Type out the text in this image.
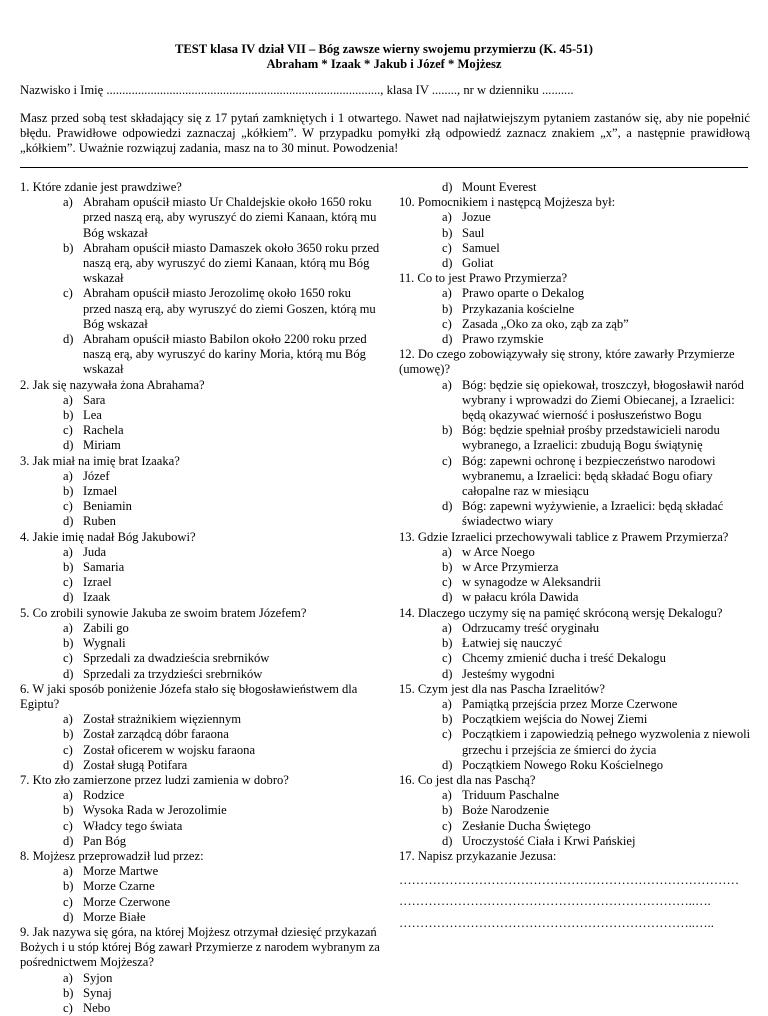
TEST klasa IV dział VII – Bóg zawsze wierny swojemu przymierzu (K. 45-51)
Abraham * Izaak * Jakub i Józef * Mojżesz
Nazwisko i Imię ......................................................................................., klasa IV ........, nr w dzienniku ..........
Masz przed sobą test składający się z 17 pytań zamkniętych i 1 otwartego. Nawet nad najłatwiejszym pytaniem zastanów się, aby nie popełnić błędu. Prawidłowe odpowiedzi zaznaczaj „kółkiem”. W przypadku pomyłki złą odpowiedź zaznacz znakiem „x”, a następnie prawidłową „kółkiem”. Uważnie rozwiązuj zadania, masz na to 30 minut. Powodzenia!
1. Które zdanie jest prawdziwe?
a) Abraham opuścił miasto Ur Chaldejskie około 1650 roku przed naszą erą, aby wyruszyć do ziemi Kanaan, którą mu Bóg wskazał
b) Abraham opuścił miasto Damaszek około 3650 roku przed naszą erą, aby wyruszyć do ziemi Kanaan, którą mu Bóg wskazał
c) Abraham opuścił miasto Jerozolimę około 1650 roku przed naszą erą, aby wyruszyć do ziemi Goszen, którą mu Bóg wskazał
d) Abraham opuścił miasto Babilon około 2200 roku przed naszą erą, aby wyruszyć do kariny Moria, którą mu Bóg wskazał
2. Jak się nazywała żona Abrahama?
a) Sara
b) Lea
c) Rachela
d) Miriam
3. Jak miał na imię brat Izaaka?
a) Józef
b) Izmael
c) Beniamin
d) Ruben
4. Jakie imię nadał Bóg Jakubowi?
a) Juda
b) Samaria
c) Izrael
d) Izaak
5. Co zrobili synowie Jakuba ze swoim bratem Józefem?
a) Zabili go
b) Wygnali
c) Sprzedali za dwadzieścia srebrników
d) Sprzedali za trzydzieści srebrników
6. W jaki sposób poniżenie Józefa stało się błogosławieństwem dla Egiptu?
a) Został strażnikiem więziennym
b) Został zarządcą dóbr faraona
c) Został oficerem w wojsku faraona
d) Został sługą Potifara
7. Kto zło zamierzone przez ludzi zamienia w dobro?
a) Rodzice
b) Wysoka Rada w Jerozolimie
c) Władcy tego świata
d) Pan Bóg
8. Mojżesz przeprowadził lud przez:
a) Morze Martwe
b) Morze Czarne
c) Morze Czerwone
d) Morze Białe
9. Jak nazywa się góra, na której Mojżesz otrzymał dziesięć przykazań Bożych i u stóp której Bóg zawarł Przymierze z narodem wybranym za pośrednictwem Mojżesza?
a) Syjon
b) Synaj
c) Nebo
d) Mount Everest
10. Pomocnikiem i następcą Mojżesza był:
a) Jozue
b) Saul
c) Samuel
d) Goliat
11. Co to jest Prawo Przymierza?
a) Prawo oparte o Dekalog
b) Przykazania kościelne
c) Zasada „Oko za oko, ząb za ząb”
d) Prawo rzymskie
12. Do czego zobowiązywały się strony, które zawarły Przymierze (umowę)?
a) Bóg: będzie się opiekował, troszczył, błogosławił naród wybrany i wprowadzi do Ziemi Obiecanej, a Izraelici: będą okazywać wierność i posłuszeństwo Bogu
b) Bóg: będzie spełniał prośby przedstawicieli narodu wybranego, a Izraelici: zbudują Bogu świątynię
c) Bóg: zapewni ochronę i bezpieczeństwo narodowi wybranemu, a Izraelici: będą składać Bogu ofiary całopalne raz w miesiącu
d) Bóg: zapewni wyżywienie, a Izraelici: będą składać świadectwo wiary
13. Gdzie Izraelici przechowywali tablice z Prawem Przymierza?
a) w Arce Noego
b) w Arce Przymierza
c) w synagodze w Aleksandrii
d) w pałacu króla Dawida
14. Dlaczego uczymy się na pamięć skróconą wersję Dekalogu?
a) Odrzucamy treść oryginału
b) Łatwiej się nauczyć
c) Chcemy zmienić ducha i treść Dekalogu
d) Jesteśmy wygodni
15. Czym jest dla nas Pascha Izraelitów?
a) Pamiątką przejścia przez Morze Czerwone
b) Początkiem wejścia do Nowej Ziemi
c) Początkiem i zapowiedzią pełnego wyzwolenia z niewoli grzechu i przejścia ze śmierci do życia
d) Początkiem Nowego Roku Kościelnego
16. Co jest dla nas Paschą?
a) Triduum Paschalne
b) Boże Narodzenie
c) Zesłanie Ducha Świętego
d) Uroczystość Ciała i Krwi Pańskiej
17. Napisz przykazanie Jezusa:
………………………………………………………………………
……………………………………………………………..….
……………………………………………………………..…..
